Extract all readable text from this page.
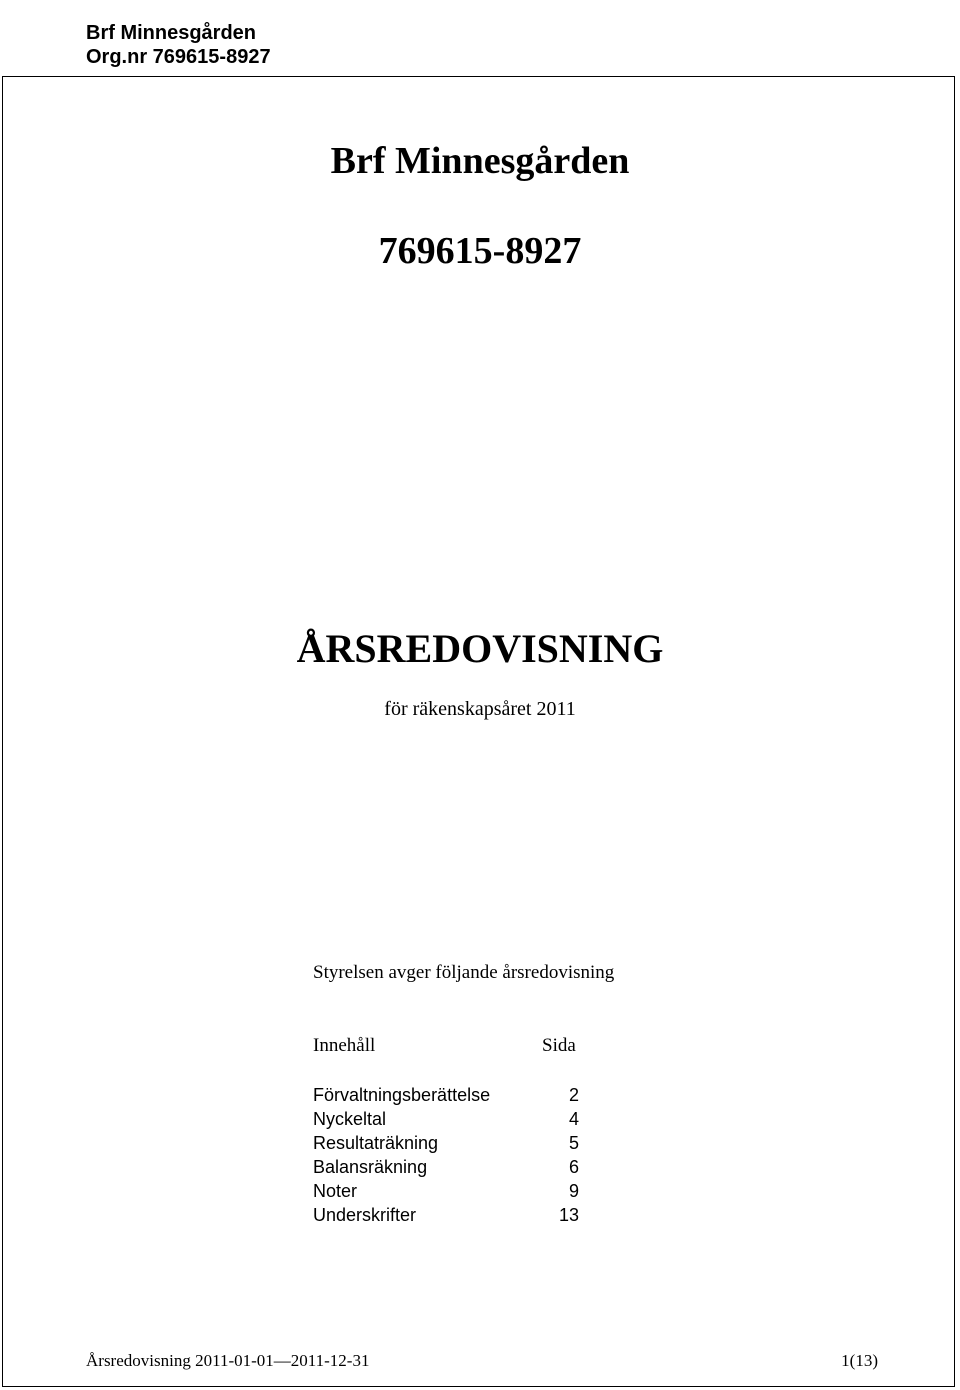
Brf Minnesgården
Org.nr 769615-8927
Brf Minnesgården
769615-8927
ÅRSREDOVISNING
för räkenskapsåret 2011
Styrelsen avger följande årsredovisning
Innehåll	Sida
Förvaltningsberättelse	2
Nyckeltal	4
Resultaträkning	5
Balansräkning	6
Noter	9
Underskrifter	13
Årsredovisning 2011-01-01—2011-12-31	1(13)
